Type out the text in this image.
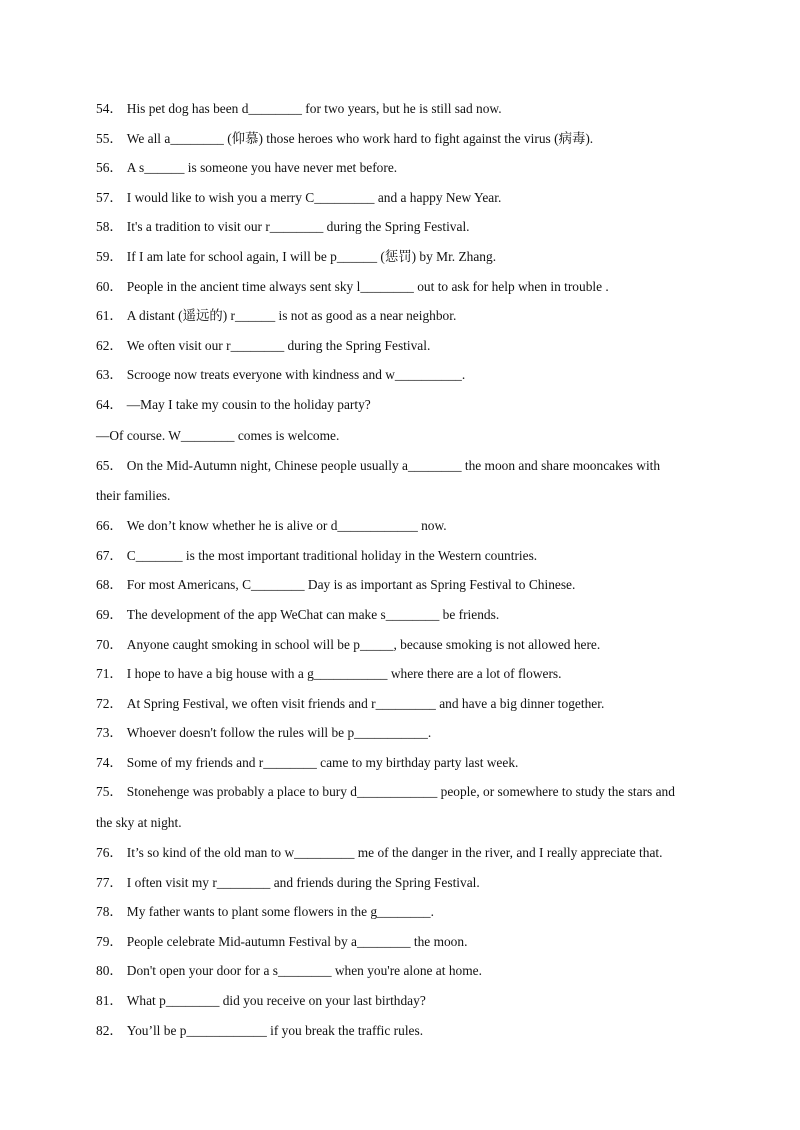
54． His pet dog has been d________ for two years, but he is still sad now.
55． We all a________ (仰慕) those heroes who work hard to fight against the virus (病毒).
56． A s______ is someone you have never met before.
57． I would like to wish you a merry C_________ and a happy New Year.
58． It's a tradition to visit our r________ during the Spring Festival.
59． If I am late for school again, I will be p______ (惩罚) by Mr. Zhang.
60． People in the ancient time always sent sky l________ out to ask for help when in trouble .
61． A distant (遥远的) r______ is not as good as a near neighbor.
62． We often visit our r________ during the Spring Festival.
63． Scrooge now treats everyone with kindness and w__________.
64． —May I take my cousin to the holiday party?
—Of course. W________ comes is welcome.
65． On the Mid-Autumn night, Chinese people usually a________ the moon and share mooncakes with
their families.
66． We don’t know whether he is alive or d____________ now.
67． C_______ is the most important traditional holiday in the Western countries.
68． For most Americans, C________ Day is as important as Spring Festival to Chinese.
69． The development of the app WeChat can make s________ be friends.
70． Anyone caught smoking in school will be p_____, because smoking is not allowed here.
71． I hope to have a big house with a g___________ where there are a lot of flowers.
72． At Spring Festival, we often visit friends and r_________ and have a big dinner together.
73． Whoever doesn't follow the rules will be p___________.
74． Some of my friends and r________ came to my birthday party last week.
75． Stonehenge was probably a place to bury d____________ people, or somewhere to study the stars and
the sky at night.
76． It’s so kind of the old man to w_________ me of the danger in the river, and I really appreciate that.
77． I often visit my r________ and friends during the Spring Festival.
78． My father wants to plant some flowers in the g________.
79． People celebrate Mid-autumn Festival by a________ the moon.
80． Don't open your door for a s________ when you're alone at home.
81． What p________ did you receive on your last birthday?
82． You’ll be p____________ if you break the traffic rules.
